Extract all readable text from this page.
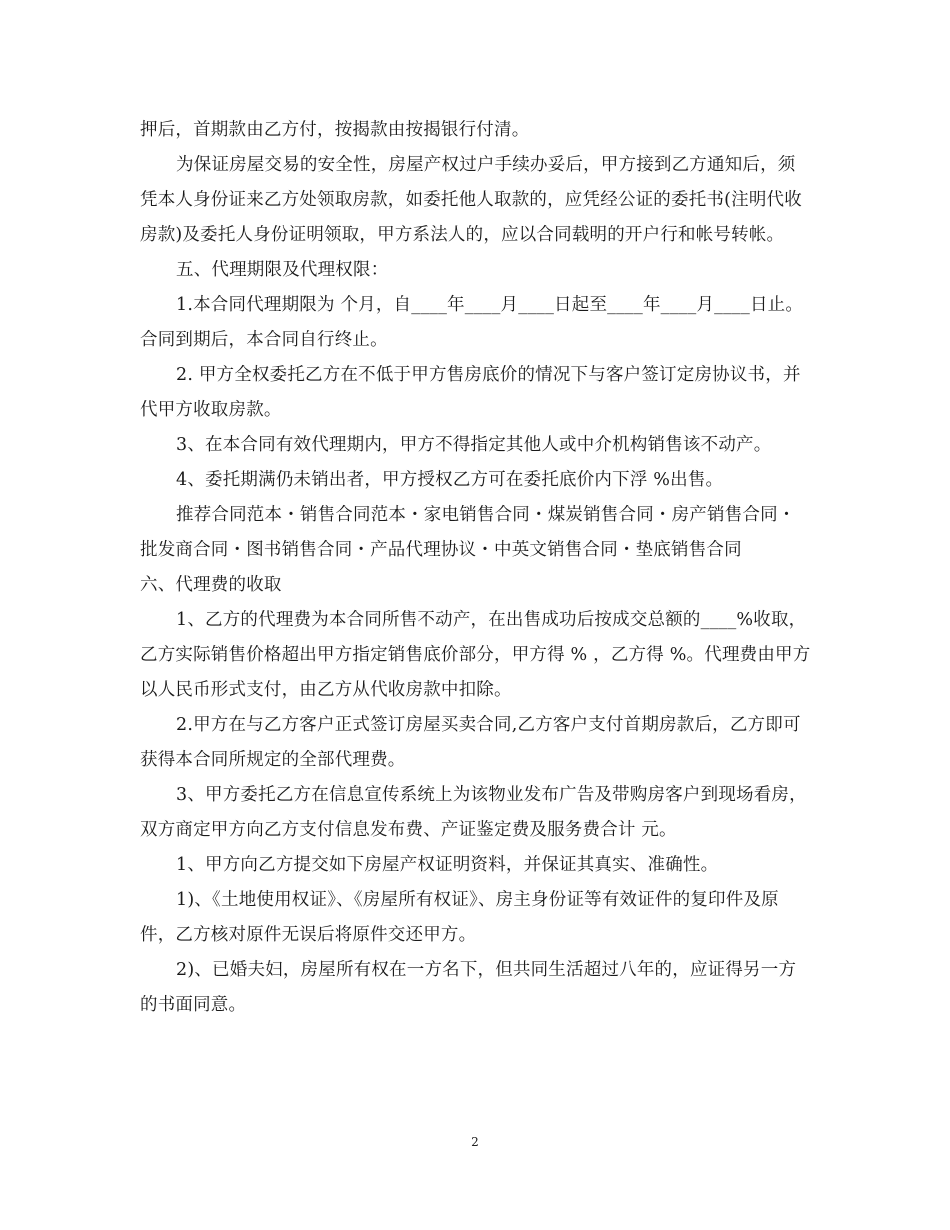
押后，首期款由乙方付，按揭款由按揭银行付清。

为保证房屋交易的安全性，房屋产权过户手续办妥后，甲方接到乙方通知后，须凭本人身份证来乙方处领取房款，如委托他人取款的，应凭经公证的委托书(注明代收房款)及委托人身份证明领取，甲方系法人的，应以合同载明的开户行和帐号转帐。

五、代理期限及代理权限：

1.本合同代理期限为 个月，自____年____月____日起至____年____月____日止。合同到期后，本合同自行终止。

2. 甲方全权委托乙方在不低于甲方售房底价的情况下与客户签订定房协议书，并代甲方收取房款。

3、在本合同有效代理期内，甲方不得指定其他人或中介机构销售该不动产。

4、委托期满仍未销出者，甲方授权乙方可在委托底价内下浮 %出售。

推荐合同范本・销售合同范本・家电销售合同・煤炭销售合同・房产销售合同・批发商合同・图书销售合同・产品代理协议・中英文销售合同・垫底销售合同

六、代理费的收取

1、乙方的代理费为本合同所售不动产，在出售成功后按成交总额的____%收取，乙方实际销售价格超出甲方指定销售底价部分，甲方得 % ，乙方得 %。代理费由甲方以人民币形式支付，由乙方从代收房款中扣除。

2.甲方在与乙方客户正式签订房屋买卖合同,乙方客户支付首期房款后，乙方即可获得本合同所规定的全部代理费。

3、甲方委托乙方在信息宣传系统上为该物业发布广告及带购房客户到现场看房，双方商定甲方向乙方支付信息发布费、产证鉴定费及服务费合计 元。

1、甲方向乙方提交如下房屋产权证明资料，并保证其真实、准确性。

1)、《土地使用权证》、《房屋所有权证》、房主身份证等有效证件的复印件及原件，乙方核对原件无误后将原件交还甲方。

2)、已婚夫妇，房屋所有权在一方名下，但共同生活超过八年的，应证得另一方的书面同意。

2
